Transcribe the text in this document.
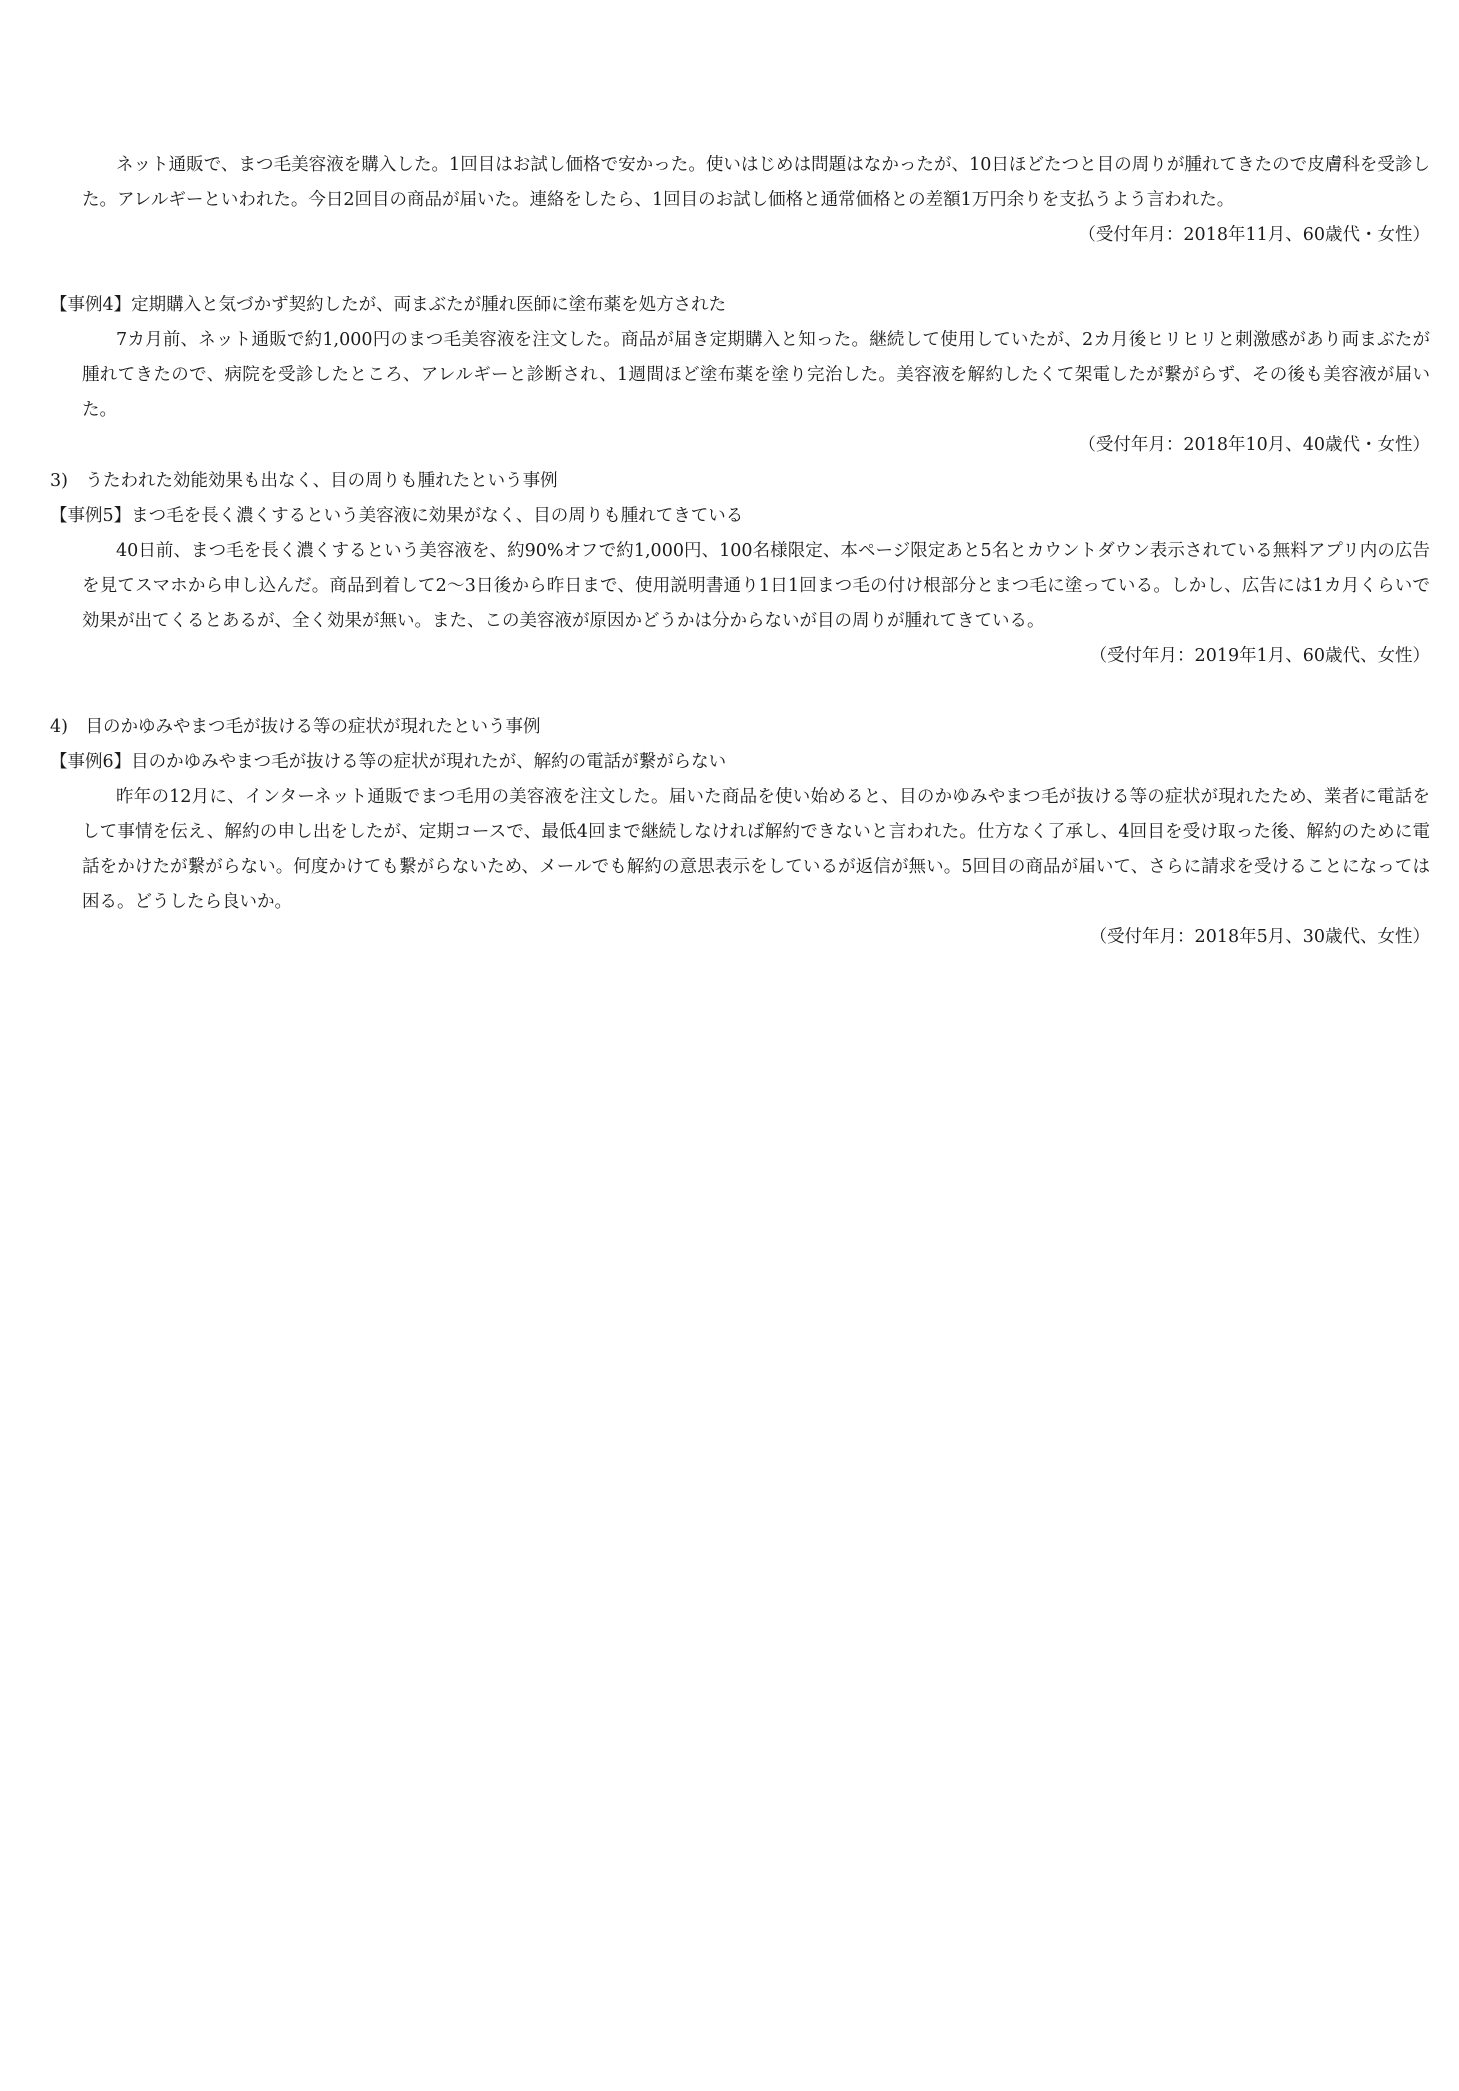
ネット通販で、まつ毛美容液を購入した。1回目はお試し価格で安かった。使いはじめは問題はなかったが、10日ほどたつと目の周りが腫れてきたので皮膚科を受診した。アレルギーといわれた。今日2回目の商品が届いた。連絡をしたら、1回目のお試し価格と通常価格との差額1万円余りを支払うよう言われた。

（受付年月：2018年11月、60歳代・女性）

【事例4】定期購入と気づかず契約したが、両まぶたが腫れ医師に塗布薬を処方された

7カ月前、ネット通販で約1,000円のまつ毛美容液を注文した。商品が届き定期購入と知った。継続して使用していたが、2カ月後ヒリヒリと刺激感があり両まぶたが腫れてきたので、病院を受診したところ、アレルギーと診断され、1週間ほど塗布薬を塗り完治した。美容液を解約したくて架電したが繋がらず、その後も美容液が届いた。

（受付年月：2018年10月、40歳代・女性）

3)　うたわれた効能効果も出なく、目の周りも腫れたという事例

【事例5】まつ毛を長く濃くするという美容液に効果がなく、目の周りも腫れてきている

40日前、まつ毛を長く濃くするという美容液を、約90%オフで約1,000円、100名様限定、本ページ限定あと5名とカウントダウン表示されている無料アプリ内の広告を見てスマホから申し込んだ。商品到着して2〜3日後から昨日まで、使用説明書通り1日1回まつ毛の付け根部分とまつ毛に塗っている。しかし、広告には1カ月くらいで効果が出てくるとあるが、全く効果が無い。また、この美容液が原因かどうかは分からないが目の周りが腫れてきている。

（受付年月：2019年1月、60歳代、女性）

4)　目のかゆみやまつ毛が抜ける等の症状が現れたという事例

【事例6】目のかゆみやまつ毛が抜ける等の症状が現れたが、解約の電話が繋がらない

昨年の12月に、インターネット通販でまつ毛用の美容液を注文した。届いた商品を使い始めると、目のかゆみやまつ毛が抜ける等の症状が現れたため、業者に電話をして事情を伝え、解約の申し出をしたが、定期コースで、最低4回まで継続しなければ解約できないと言われた。仕方なく了承し、4回目を受け取った後、解約のために電話をかけたが繋がらない。何度かけても繋がらないため、メールでも解約の意思表示をしているが返信が無い。5回目の商品が届いて、さらに請求を受けることになっては困る。どうしたら良いか。

（受付年月：2018年5月、30歳代、女性）
